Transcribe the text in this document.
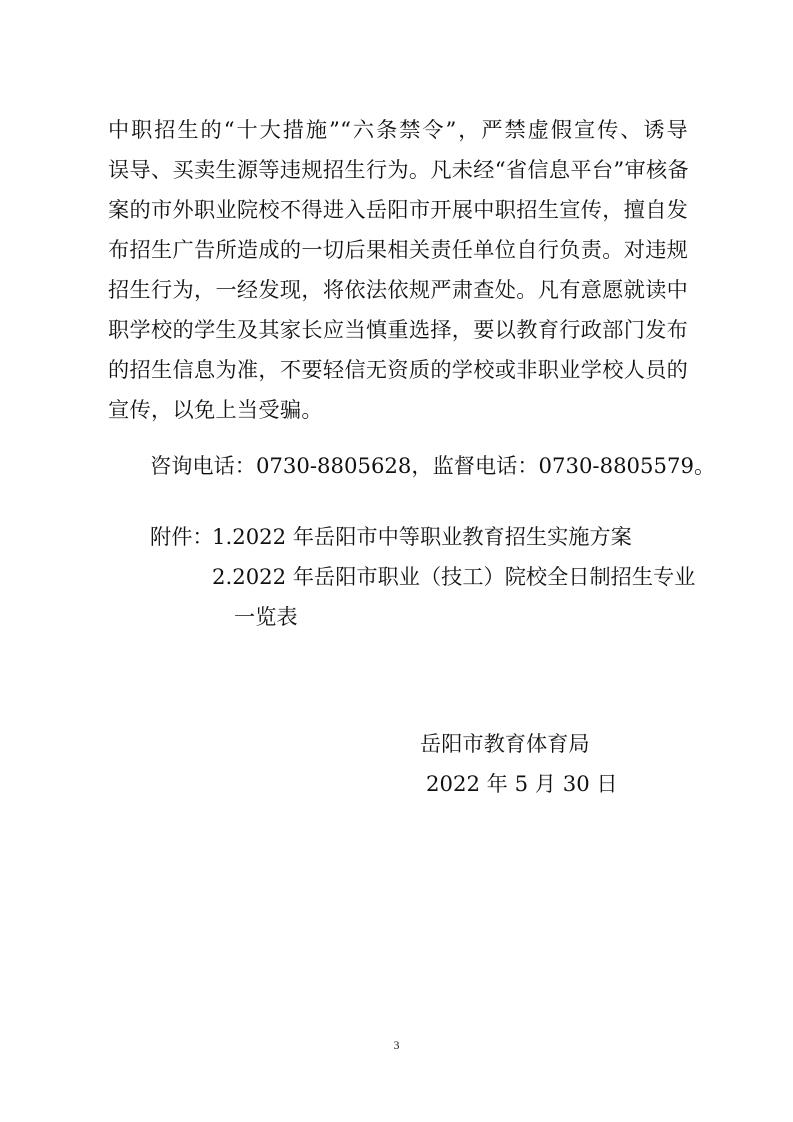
中职招生的“十大措施”“六条禁令”，严禁虚假宣传、诱导
误导、买卖生源等违规招生行为。凡未经“省信息平台”审核备
案的市外职业院校不得进入岳阳市开展中职招生宣传，擅自发
布招生广告所造成的一切后果相关责任单位自行负责。对违规
招生行为，一经发现，将依法依规严肃查处。凡有意愿就读中
职学校的学生及其家长应当慎重选择，要以教育行政部门发布
的招生信息为准，不要轻信无资质的学校或非职业学校人员的
宣传，以免上当受骗。
咨询电话：0730-8805628，监督电话：0730-8805579。
附件：
1.2022 年岳阳市中等职业教育招生实施方案
2.2022 年岳阳市职业（技工）院校全日制招生专业
一览表
岳阳市教育体育局
2022 年 5 月 30 日
3
